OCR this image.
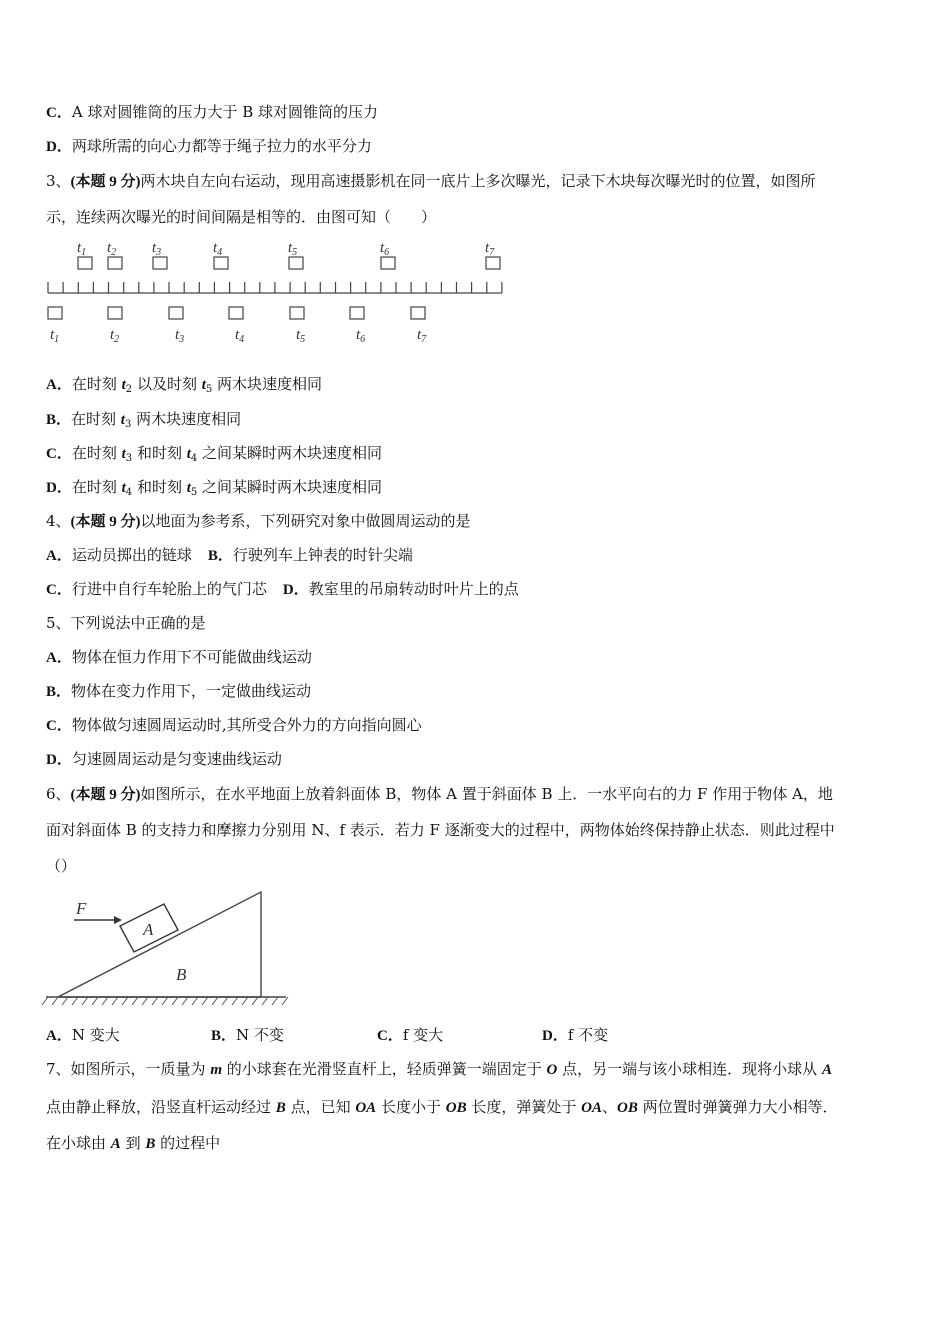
C．A 球对圆锥筒的压力大于 B 球对圆锥筒的压力
D．两球所需的向心力都等于绳子拉力的水平分力
3、(本题 9 分)两木块自左向右运动，现用高速摄影机在同一底片上多次曝光，记录下木块每次曝光时的位置，如图所
示，连续两次曝光的时间间隔是相等的．由图可知（　　）
$t_1$ $t_2$ $t_3$	$t_4$	$t_5$	$t_6$	$t_7$
$t_1$	$t_2$	$t_3$	$t_4$	$t_5$	$t_6$	$t_7$
A．在时刻 $t_2$ 以及时刻 $t_5$ 两木块速度相同
B．在时刻 $t_3$ 两木块速度相同
C．在时刻 $t_3$ 和时刻 $t_4$ 之间某瞬时两木块速度相同
D．在时刻 $t_4$ 和时刻 $t_5$ 之间某瞬时两木块速度相同
4、(本题 9 分)以地面为参考系，下列研究对象中做圆周运动的是
A．运动员掷出的链球 B．行驶列车上钟表的时针尖端
C．行进中自行车轮胎上的气门芯 D．教室里的吊扇转动时叶片上的点
5、下列说法中正确的是
A．物体在恒力作用下不可能做曲线运动
B．物体在变力作用下，一定做曲线运动
C．物体做匀速圆周运动时,其所受合外力的方向指向圆心
D．匀速圆周运动是匀变速曲线运动
6、(本题 9 分)如图所示，在水平地面上放着斜面体 B，物体 A 置于斜面体 B 上．一水平向右的力 F 作用于物体 A，地
面对斜面体 B 的支持力和摩擦力分别用 N、f 表示．若力 F 逐渐变大的过程中，两物体始终保持静止状态．则此过程中
（）
F
A
B
A．N 变大	B．N 不变	C．f 变大	D．f 不变
7、如图所示，一质量为 m 的小球套在光滑竖直杆上，轻质弹簧一端固定于 O 点，另一端与该小球相连．现将小球从 A
点由静止释放，沿竖直杆运动经过 B 点，已知 OA 长度小于 OB 长度，弹簧处于 OA、OB 两位置时弹簧弹力大小相等．
在小球由 A 到 B 的过程中
